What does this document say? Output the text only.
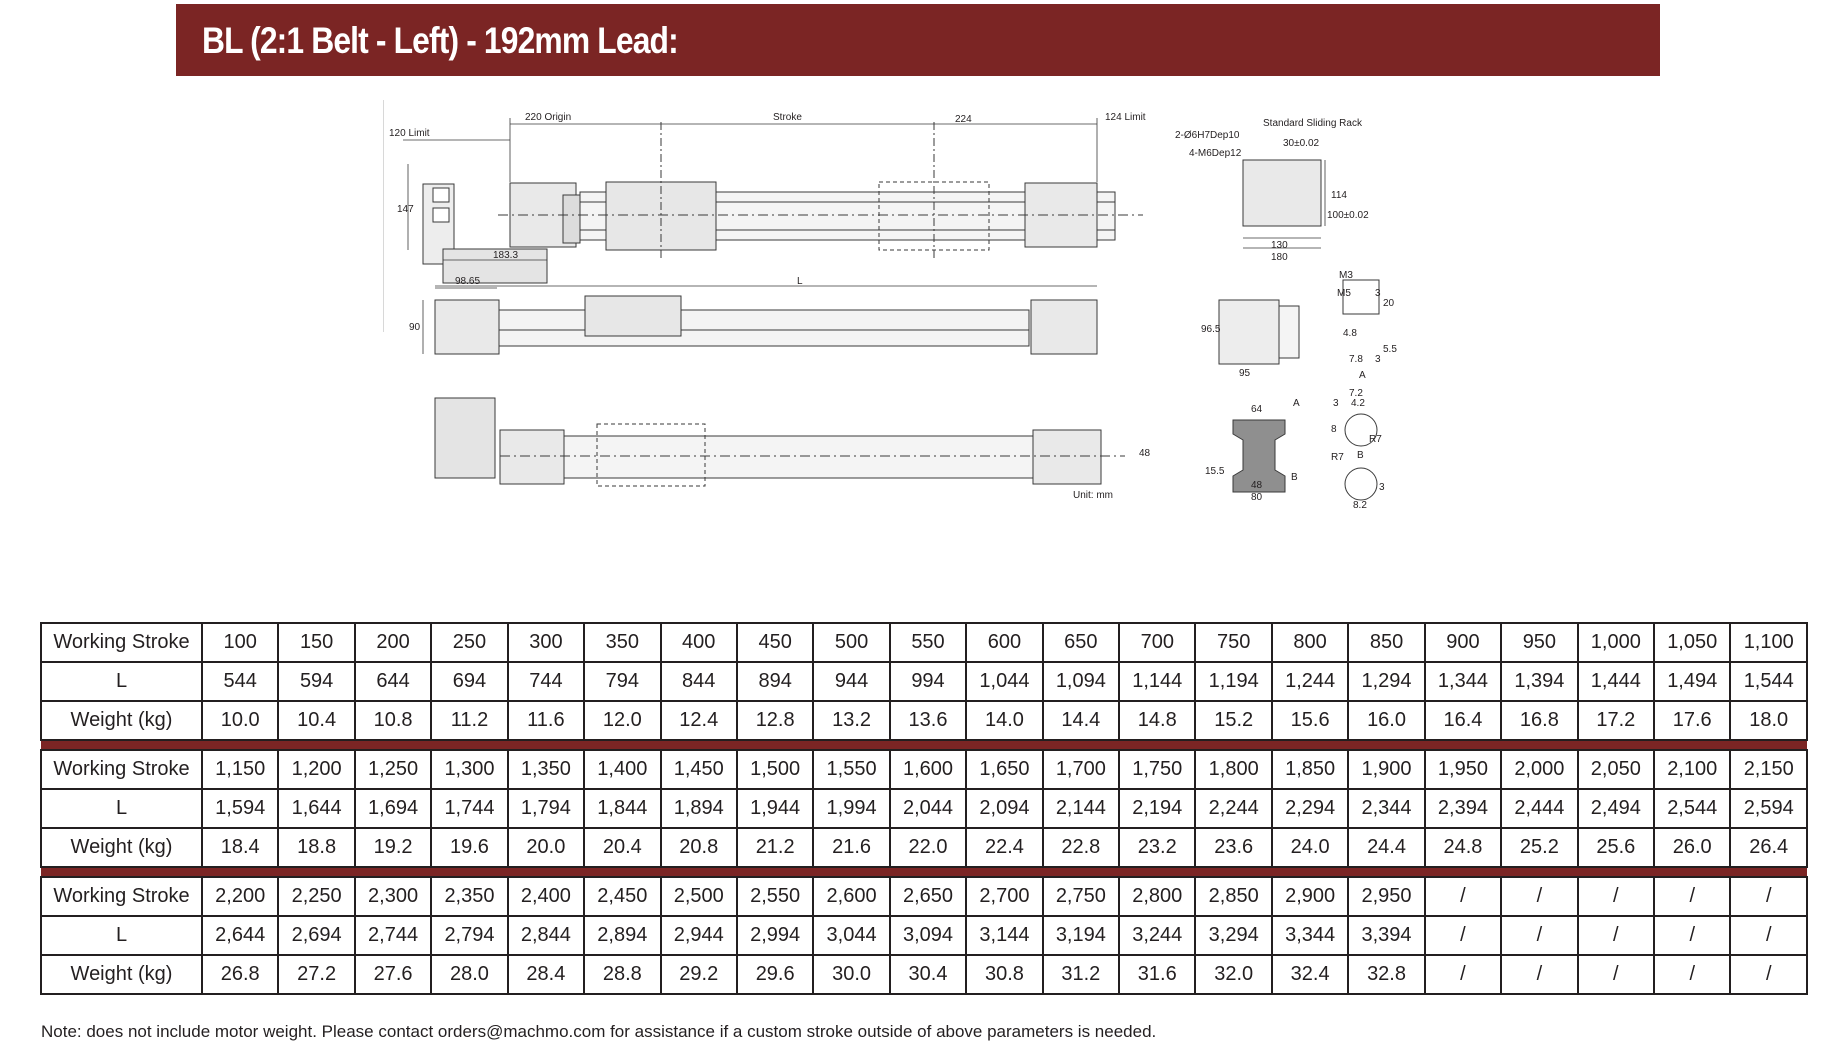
BL (2:1 Belt - Left) - 192mm Lead:
220 Origin	Stroke	224	124 Limit
120 Limit
147
183.3
Standard Sliding Rack
2-Ø6H7Dep10
4-M6Dep12
30±0.02
100±0.02
114
130
180
98.65	L
90	96.5
95
M3
M5 3
20
4.8
7.8 3
5.5
A
48
64
A
15.5
48
80
B
7.2
4.2
3
8
R7
R7 B
3
8.2
Unit: mm
Working Stroke	100	150	200	250	300	350	400	450	500	550	600	650	700	750	800	850	900	950	1,000	1,050	1,100
L	544	594	644	694	744	794	844	894	944	994	1,044	1,094	1,144	1,194	1,244	1,294	1,344	1,394	1,444	1,494	1,544
Weight (kg)	10.0	10.4	10.8	11.2	11.6	12.0	12.4	12.8	13.2	13.6	14.0	14.4	14.8	15.2	15.6	16.0	16.4	16.8	17.2	17.6	18.0

Working Stroke	1,150	1,200	1,250	1,300	1,350	1,400	1,450	1,500	1,550	1,600	1,650	1,700	1,750	1,800	1,850	1,900	1,950	2,000	2,050	2,100	2,150
L	1,594	1,644	1,694	1,744	1,794	1,844	1,894	1,944	1,994	2,044	2,094	2,144	2,194	2,244	2,294	2,344	2,394	2,444	2,494	2,544	2,594
Weight (kg)	18.4	18.8	19.2	19.6	20.0	20.4	20.8	21.2	21.6	22.0	22.4	22.8	23.2	23.6	24.0	24.4	24.8	25.2	25.6	26.0	26.4

Working Stroke	2,200	2,250	2,300	2,350	2,400	2,450	2,500	2,550	2,600	2,650	2,700	2,750	2,800	2,850	2,900	2,950	/	/	/	/	/
L	2,644	2,694	2,744	2,794	2,844	2,894	2,944	2,994	3,044	3,094	3,144	3,194	3,244	3,294	3,344	3,394	/	/	/	/	/
Weight (kg)	26.8	27.2	27.6	28.0	28.4	28.8	29.2	29.6	30.0	30.4	30.8	31.2	31.6	32.0	32.4	32.8	/	/	/	/	/
Note: does not include motor weight. Please contact orders@machmo.com for assistance if a custom stroke outside of above parameters is needed.
